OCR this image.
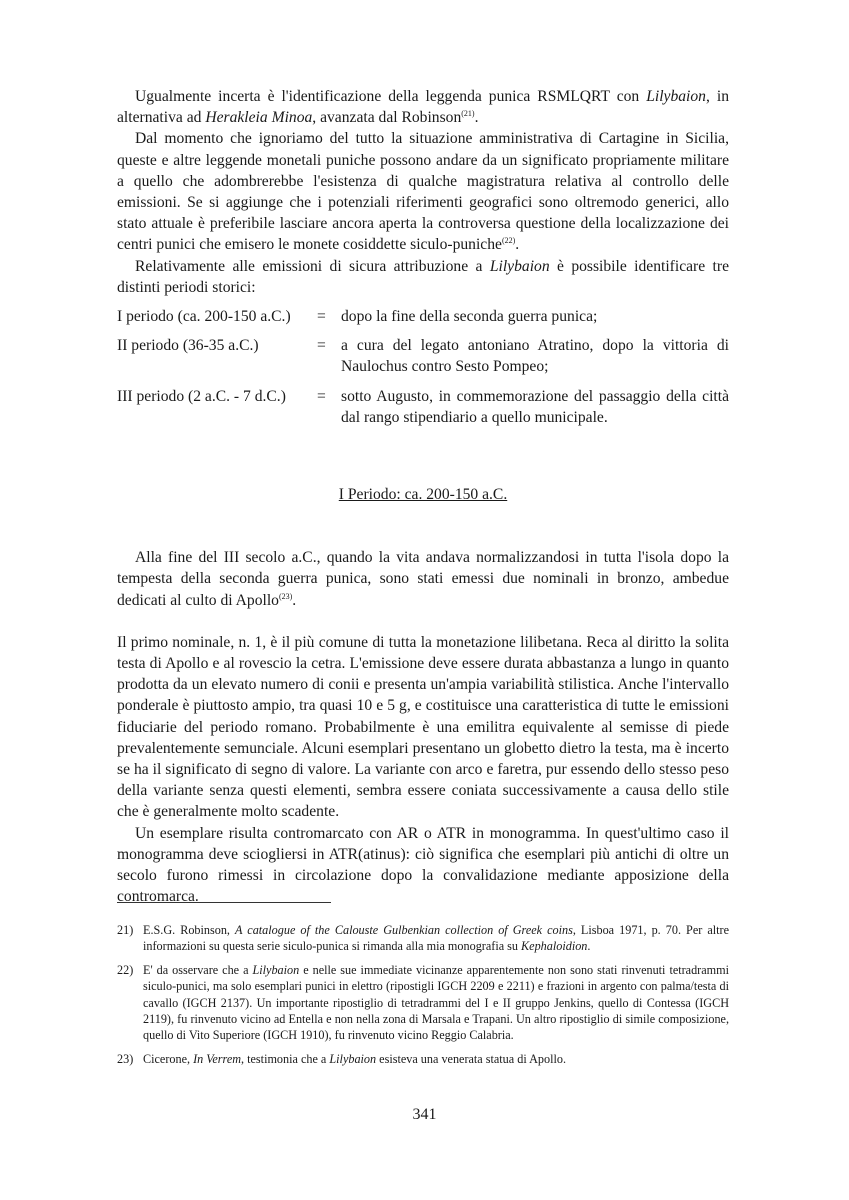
Ugualmente incerta è l'identificazione della leggenda punica RSMLQRT con Lilybaion, in alternativa ad Herakleia Minoa, avanzata dal Robinson$^{(21)}$.

Dal momento che ignoriamo del tutto la situazione amministrativa di Cartagine in Sicilia, queste e altre leggende monetali puniche possono andare da un significato propriamente militare a quello che adombrerebbe l'esistenza di qualche magistratura relativa al controllo delle emissioni. Se si aggiunge che i potenziali riferimenti geografici sono oltremodo generici, allo stato attuale è preferibile lasciare ancora aperta la controversa questione della localizzazione dei centri punici che emisero le monete cosiddette siculo-puniche$^{(22)}$.

Relativamente alle emissioni di sicura attribuzione a Lilybaion è possibile identificare tre distinti periodi storici:

I periodo (ca. 200-150 a.C.)	= dopo la fine della seconda guerra punica;
II periodo (36-35 a.C.)	= a cura del legato antoniano Atratino, dopo la vittoria di Naulochus contro Sesto Pompeo;
III periodo (2 a.C. - 7 d.C.)	= sotto Augusto, in commemorazione del passaggio della città dal rango stipendiario a quello municipale.
I Periodo: ca. 200-150 a.C.

Alla fine del III secolo a.C., quando la vita andava normalizzandosi in tutta l'isola dopo la tempesta della seconda guerra punica, sono stati emessi due nominali in bronzo, ambedue dedicati al culto di Apollo$^{(23)}$.

Il primo nominale, n. 1, è il più comune di tutta la monetazione lilibetana. Reca al diritto la solita testa di Apollo e al rovescio la cetra. L'emissione deve essere durata abbastanza a lungo in quanto prodotta da un elevato numero di conii e presenta un'ampia variabilità stilistica. Anche l'intervallo ponderale è piuttosto ampio, tra quasi 10 e 5 g, e costituisce una caratteristica di tutte le emissioni fiduciarie del periodo romano. Probabilmente è una emilitra equivalente al semisse di piede prevalentemente semunciale. Alcuni esemplari presentano un globetto dietro la testa, ma è incerto se ha il significato di segno di valore. La variante con arco e faretra, pur essendo dello stesso peso della variante senza questi elementi, sembra essere coniata successivamente a causa dello stile che è generalmente molto scadente.

Un esemplare risulta contromarcato con AR o ATR in monogramma. In quest'ultimo caso il monogramma deve sciogliersi in ATR(atinus): ciò significa che esemplari più antichi di oltre un secolo furono rimessi in circolazione dopo la convalidazione mediante apposizione della contromarca.

21) E.S.G. Robinson, A catalogue of the Calouste Gulbenkian collection of Greek coins, Lisboa 1971, p. 70. Per altre informazioni su questa serie siculo-punica si rimanda alla mia monografia su Kephaloidion.
22) E' da osservare che a Lilybaion e nelle sue immediate vicinanze apparentemente non sono stati rinvenuti tetradrammi siculo-punici, ma solo esemplari punici in elettro (ripostigli IGCH 2209 e 2211) e frazioni in argento con palma/testa di cavallo (IGCH 2137). Un importante ripostiglio di tetradrammi del I e II gruppo Jenkins, quello di Contessa (IGCH 2119), fu rinvenuto vicino ad Entella e non nella zona di Marsala e Trapani. Un altro ripostiglio di simile composizione, quello di Vito Superiore (IGCH 1910), fu rinvenuto vicino Reggio Calabria.
23) Cicerone, In Verrem, testimonia che a Lilybaion esisteva una venerata statua di Apollo.
341
